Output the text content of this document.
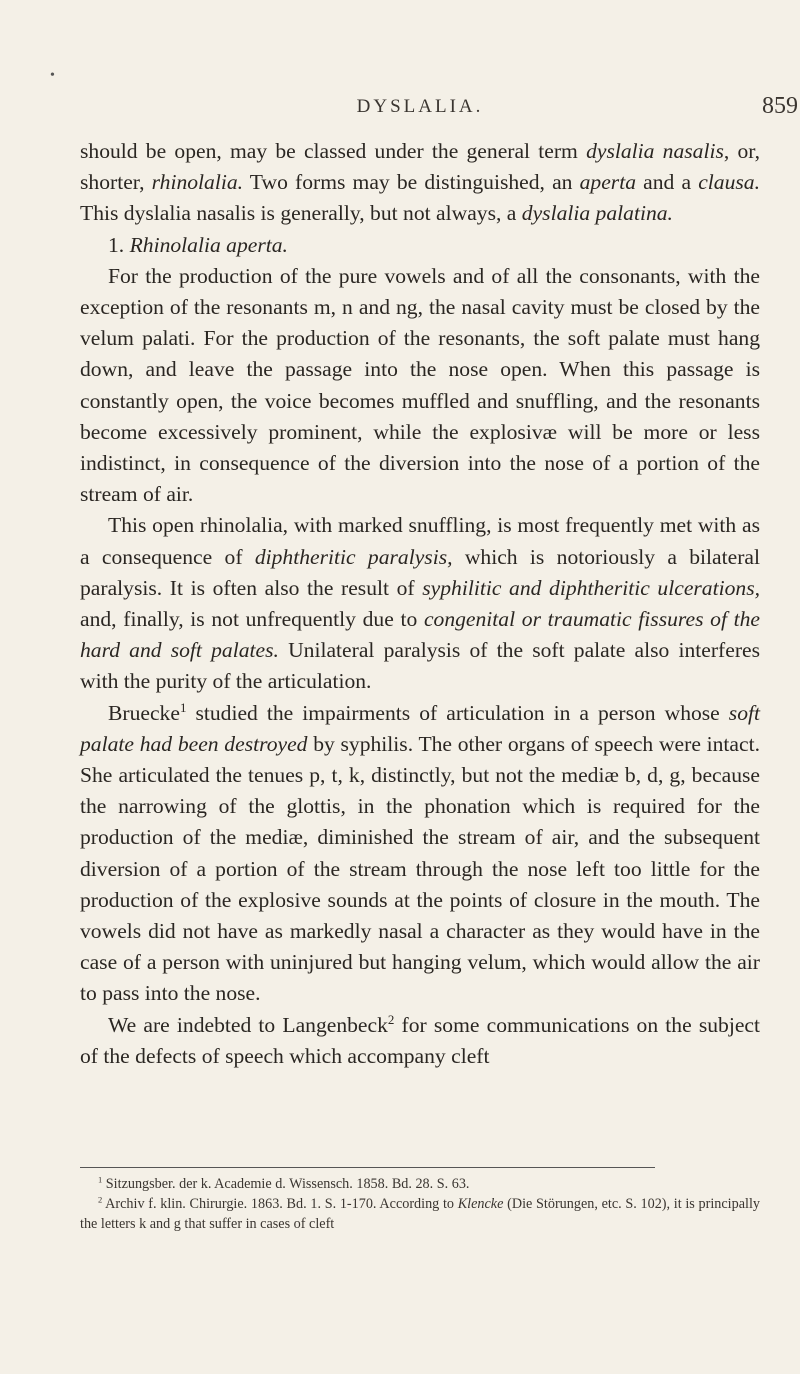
•
DYSLALIA.	859

should be open, may be classed under the general term dyslalia nasalis, or, shorter, rhinolalia. Two forms may be distinguished, an aperta and a clausa. This dyslalia nasalis is generally, but not always, a dyslalia palatina.

1. Rhinolalia aperta.

For the production of the pure vowels and of all the consonants, with the exception of the resonants m, n and ng, the nasal cavity must be closed by the velum palati. For the production of the resonants, the soft palate must hang down, and leave the passage into the nose open. When this passage is constantly open, the voice becomes muffled and snuffling, and the resonants become excessively prominent, while the explosivæ will be more or less indistinct, in consequence of the diversion into the nose of a portion of the stream of air.

This open rhinolalia, with marked snuffling, is most frequently met with as a consequence of diphtheritic paralysis, which is notoriously a bilateral paralysis. It is often also the result of syphilitic and diphtheritic ulcerations, and, finally, is not unfrequently due to congenital or traumatic fissures of the hard and soft palates. Unilateral paralysis of the soft palate also interferes with the purity of the articulation.

Bruecke$^1$ studied the impairments of articulation in a person whose soft palate had been destroyed by syphilis. The other organs of speech were intact. She articulated the tenues p, t, k, distinctly, but not the mediæ b, d, g, because the narrowing of the glottis, in the phonation which is required for the production of the mediæ, diminished the stream of air, and the subsequent diversion of a portion of the stream through the nose left too little for the production of the explosive sounds at the points of closure in the mouth. The vowels did not have as markedly nasal a character as they would have in the case of a person with uninjured but hanging velum, which would allow the air to pass into the nose.

We are indebted to Langenbeck$^2$ for some communications on the subject of the defects of speech which accompany cleft

$^1$ Sitzungsber. der k. Academie d. Wissensch. 1858. Bd. 28. S. 63.

$^2$ Archiv f. klin. Chirurgie. 1863. Bd. 1. S. 1-170. According to Klencke (Die Störungen, etc. S. 102), it is principally the letters k and g that suffer in cases of cleft
